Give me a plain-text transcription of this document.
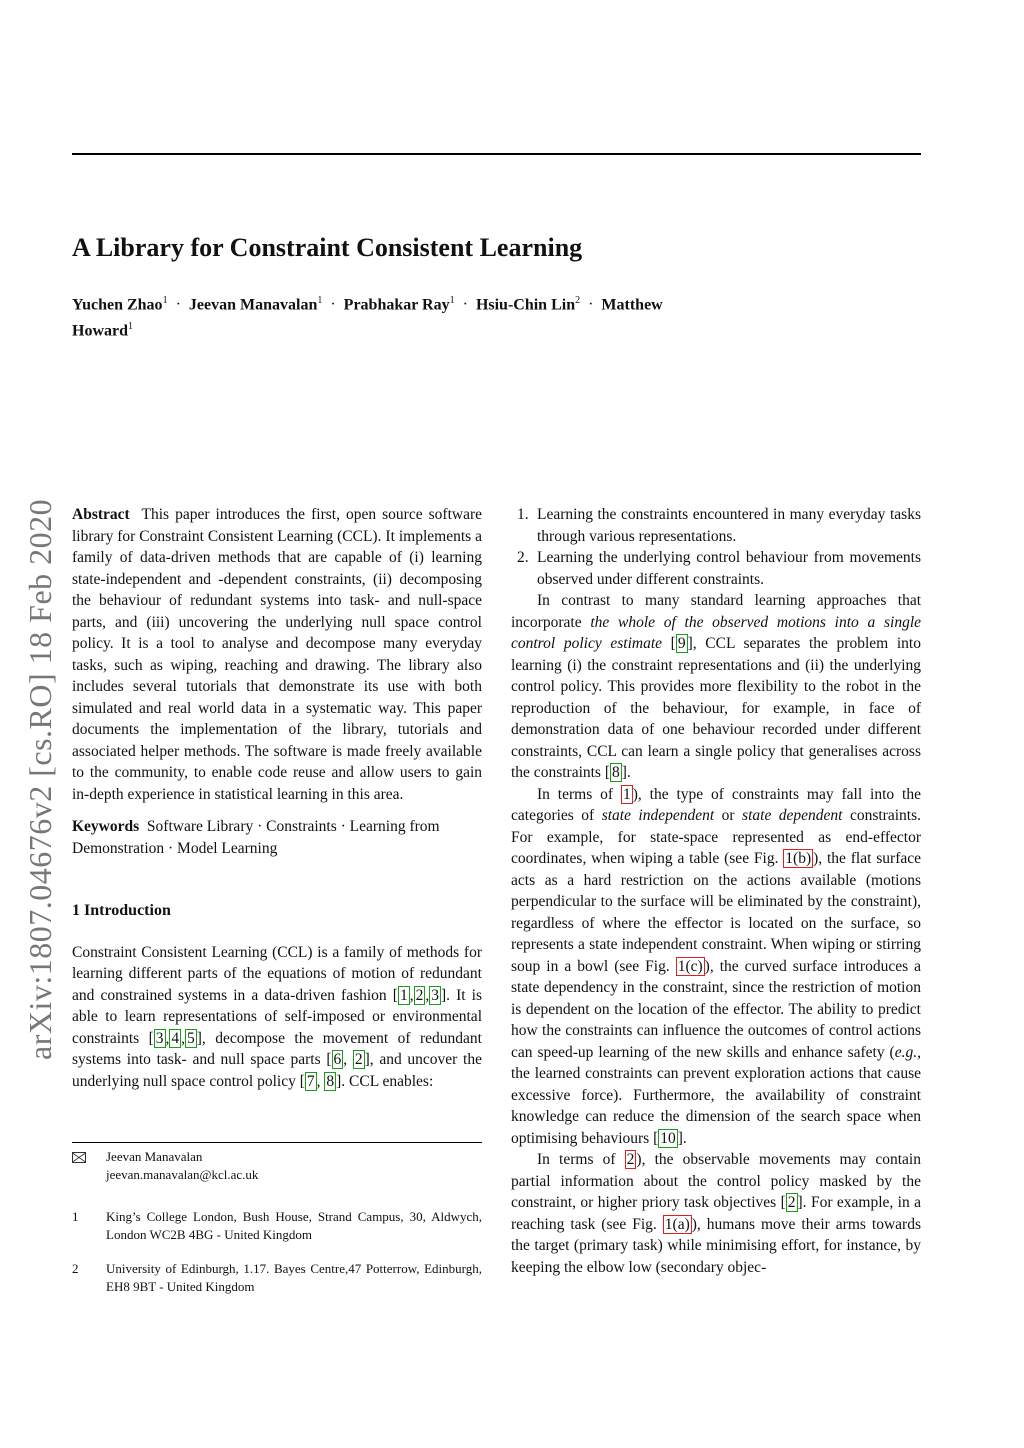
arXiv:1807.04676v2 [cs.RO] 18 Feb 2020
A Library for Constraint Consistent Learning
Yuchen Zhao$^1$ · Jeevan Manavalan$^1$ · Prabhakar Ray$^1$ · Hsiu-Chin Lin$^2$ · Matthew
Howard$^1$

Abstract This paper introduces the first, open source software library for Constraint Consistent Learning (CCL). It implements a family of data-driven methods that are capable of (i) learning state-independent and -dependent constraints, (ii) decomposing the behaviour of redundant systems into task- and null-space parts, and (iii) uncovering the underlying null space control policy. It is a tool to analyse and decompose many everyday tasks, such as wiping, reaching and drawing. The library also includes several tutorials that demonstrate its use with both simulated and real world data in a systematic way. This paper documents the implementation of the library, tutorials and associated helper methods. The software is made freely available to the community, to enable code reuse and allow users to gain in-depth experience in statistical learning in this area.

Keywords Software Library · Constraints · Learning from Demonstration · Model Learning

1 Introduction

Constraint Consistent Learning (CCL) is a family of methods for learning different parts of the equations of motion of redundant and constrained systems in a data-driven fashion [ 1 , 2 , 3 ]. It is able to learn representations of self-imposed or environmental constraints [ 3 , 4 , 5 ], decompose the movement of redundant systems into task- and null space parts [ 6 , 2 ], and uncover the underlying null space control policy [ 7 , 8 ]. CCL enables:

Jeevan Manavalan
jeevan.manavalan@kcl.ac.uk
1	King’s College London, Bush House, Strand Campus, 30, Aldwych, London WC2B 4BG - United Kingdom
2	University of Edinburgh, 1.17. Bayes Centre,47 Potterrow, Edinburgh, EH8 9BT - United Kingdom
1. Learning the constraints encountered in many everyday tasks through various representations.
2. Learning the underlying control behaviour from movements observed under different constraints.

In contrast to many standard learning approaches that incorporate the whole of the observed motions into a single control policy estimate [ 9 ], CCL separates the problem into learning (i) the constraint representations and (ii) the underlying control policy. This provides more flexibility to the robot in the reproduction of the behaviour, for example, in face of demonstration data of one behaviour recorded under different constraints, CCL can learn a single policy that generalises across the constraints [ 8 ].

In terms of 1 ), the type of constraints may fall into the categories of state independent or state dependent constraints. For example, for state-space represented as end-effector coordinates, when wiping a table (see Fig. 1(b) ), the flat surface acts as a hard restriction on the actions available (motions perpendicular to the surface will be eliminated by the constraint), regardless of where the effector is located on the surface, so represents a state independent constraint. When wiping or stirring soup in a bowl (see Fig. 1(c) ), the curved surface introduces a state dependency in the constraint, since the restriction of motion is dependent on the location of the effector. The ability to predict how the constraints can influence the outcomes of control actions can speed-up learning of the new skills and enhance safety (e.g., the learned constraints can prevent exploration actions that cause excessive force). Furthermore, the availability of constraint knowledge can reduce the dimension of the search space when optimising behaviours [ 10 ].

In terms of 2 ), the observable movements may contain partial information about the control policy masked by the constraint, or higher priory task objectives [ 2 ]. For example, in a reaching task (see Fig. 1(a) ), humans move their arms towards the target (primary task) while minimising effort, for instance, by keeping the elbow low (secondary objec-
